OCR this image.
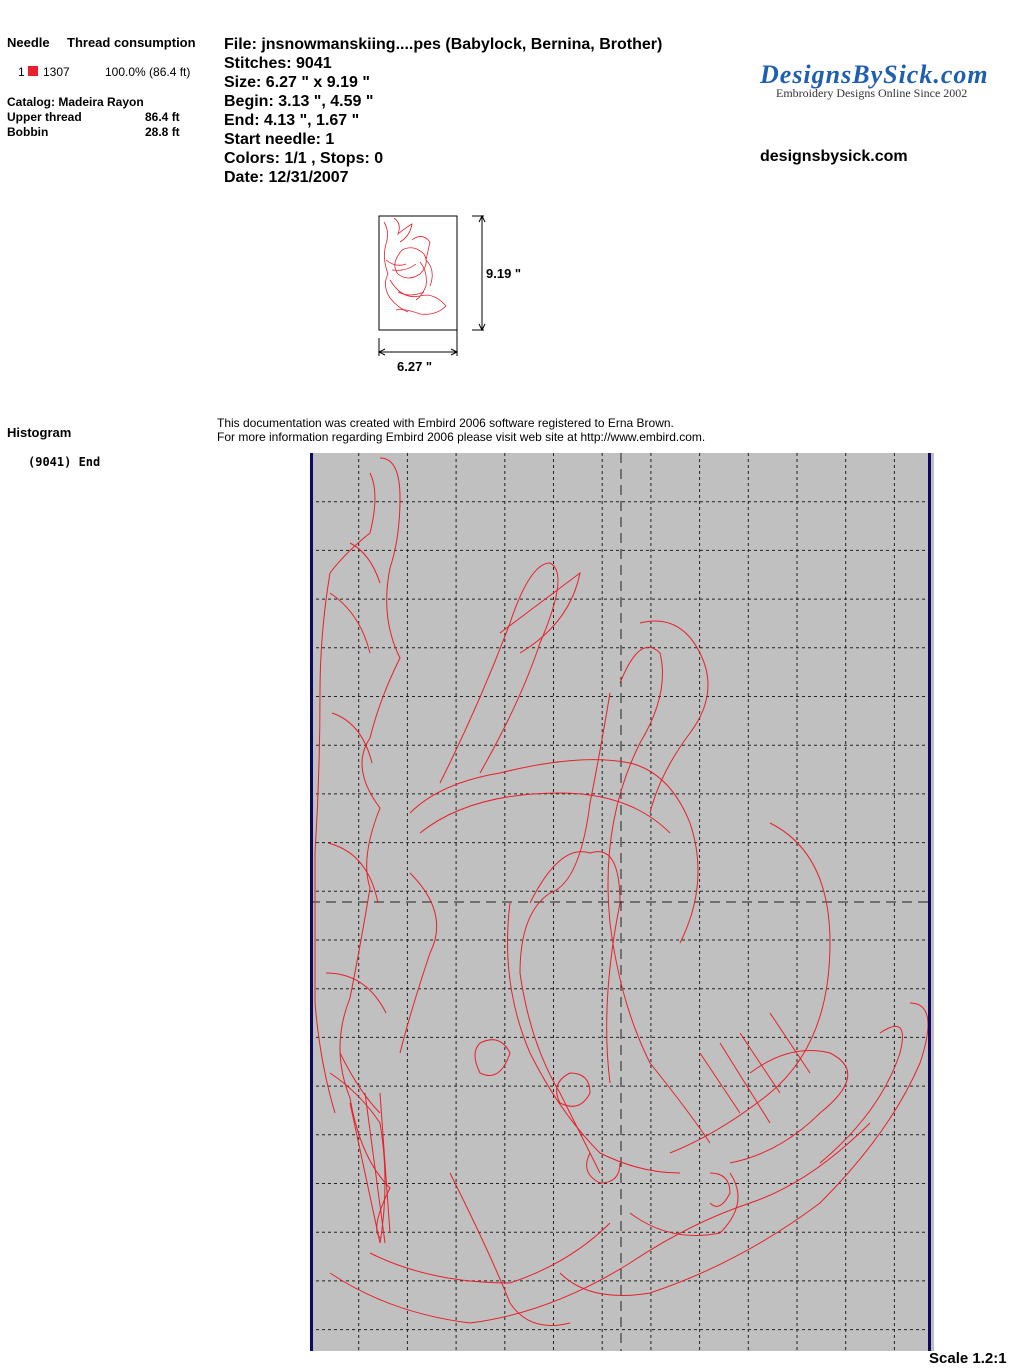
Needle Thread consumption
1 1307	100.0% (86.4 ft)
Catalog: Madeira Rayon
Upper thread	86.4 ft
Bobbin	28.8 ft
File: jnsnowmanskiing....pes (Babylock, Bernina, Brother)
Stitches: 9041
Size: 6.27 " x 9.19 "
Begin: 3.13 ", 4.59 "
End: 4.13 ", 1.67 "
Start needle: 1
Colors: 1/1 , Stops: 0
Date: 12/31/2007
DesignsBySick.com
Embroidery Designs Online Since 2002
designsbysick.com
9.19 "
6.27 "
This documentation was created with Embird 2006 software registered to Erna Brown.
For more information regarding Embird 2006 please visit web site at http://www.embird.com.
Histogram
(9041) End
Scale 1.2:1
